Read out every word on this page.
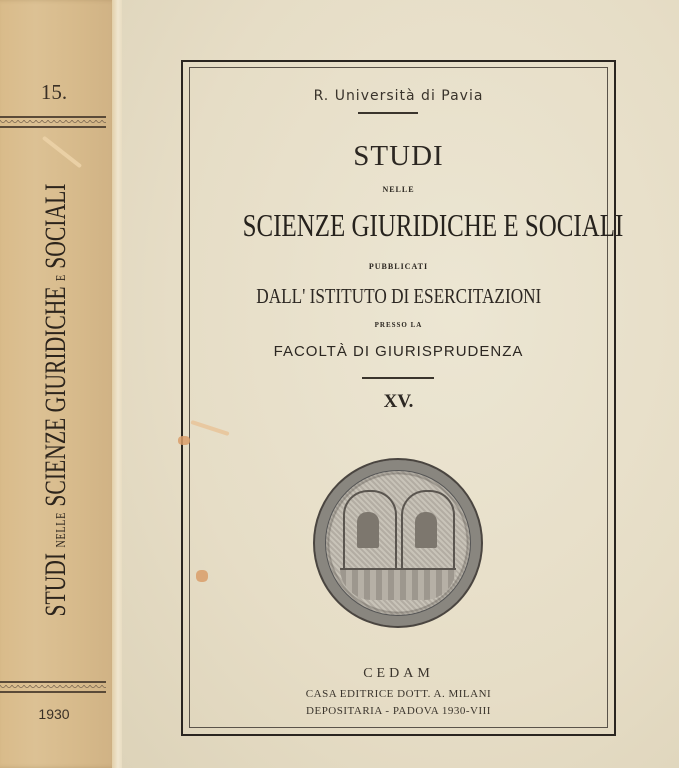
15.
STUDI NELLE SCIENZE GIURIDICHE E SOCIALI
1930
R. Università di Pavia
STUDI
NELLE
SCIENZE GIURIDICHE E SOCIALI
PUBBLICATI
DALL' ISTITUTO DI ESERCITAZIONI
PRESSO LA
FACOLTÀ DI GIURISPRUDENZA
XV.
CEDAM
CASA EDITRICE DOTT. A. MILANI
DEPOSITARIA - PADOVA 1930-VIII
